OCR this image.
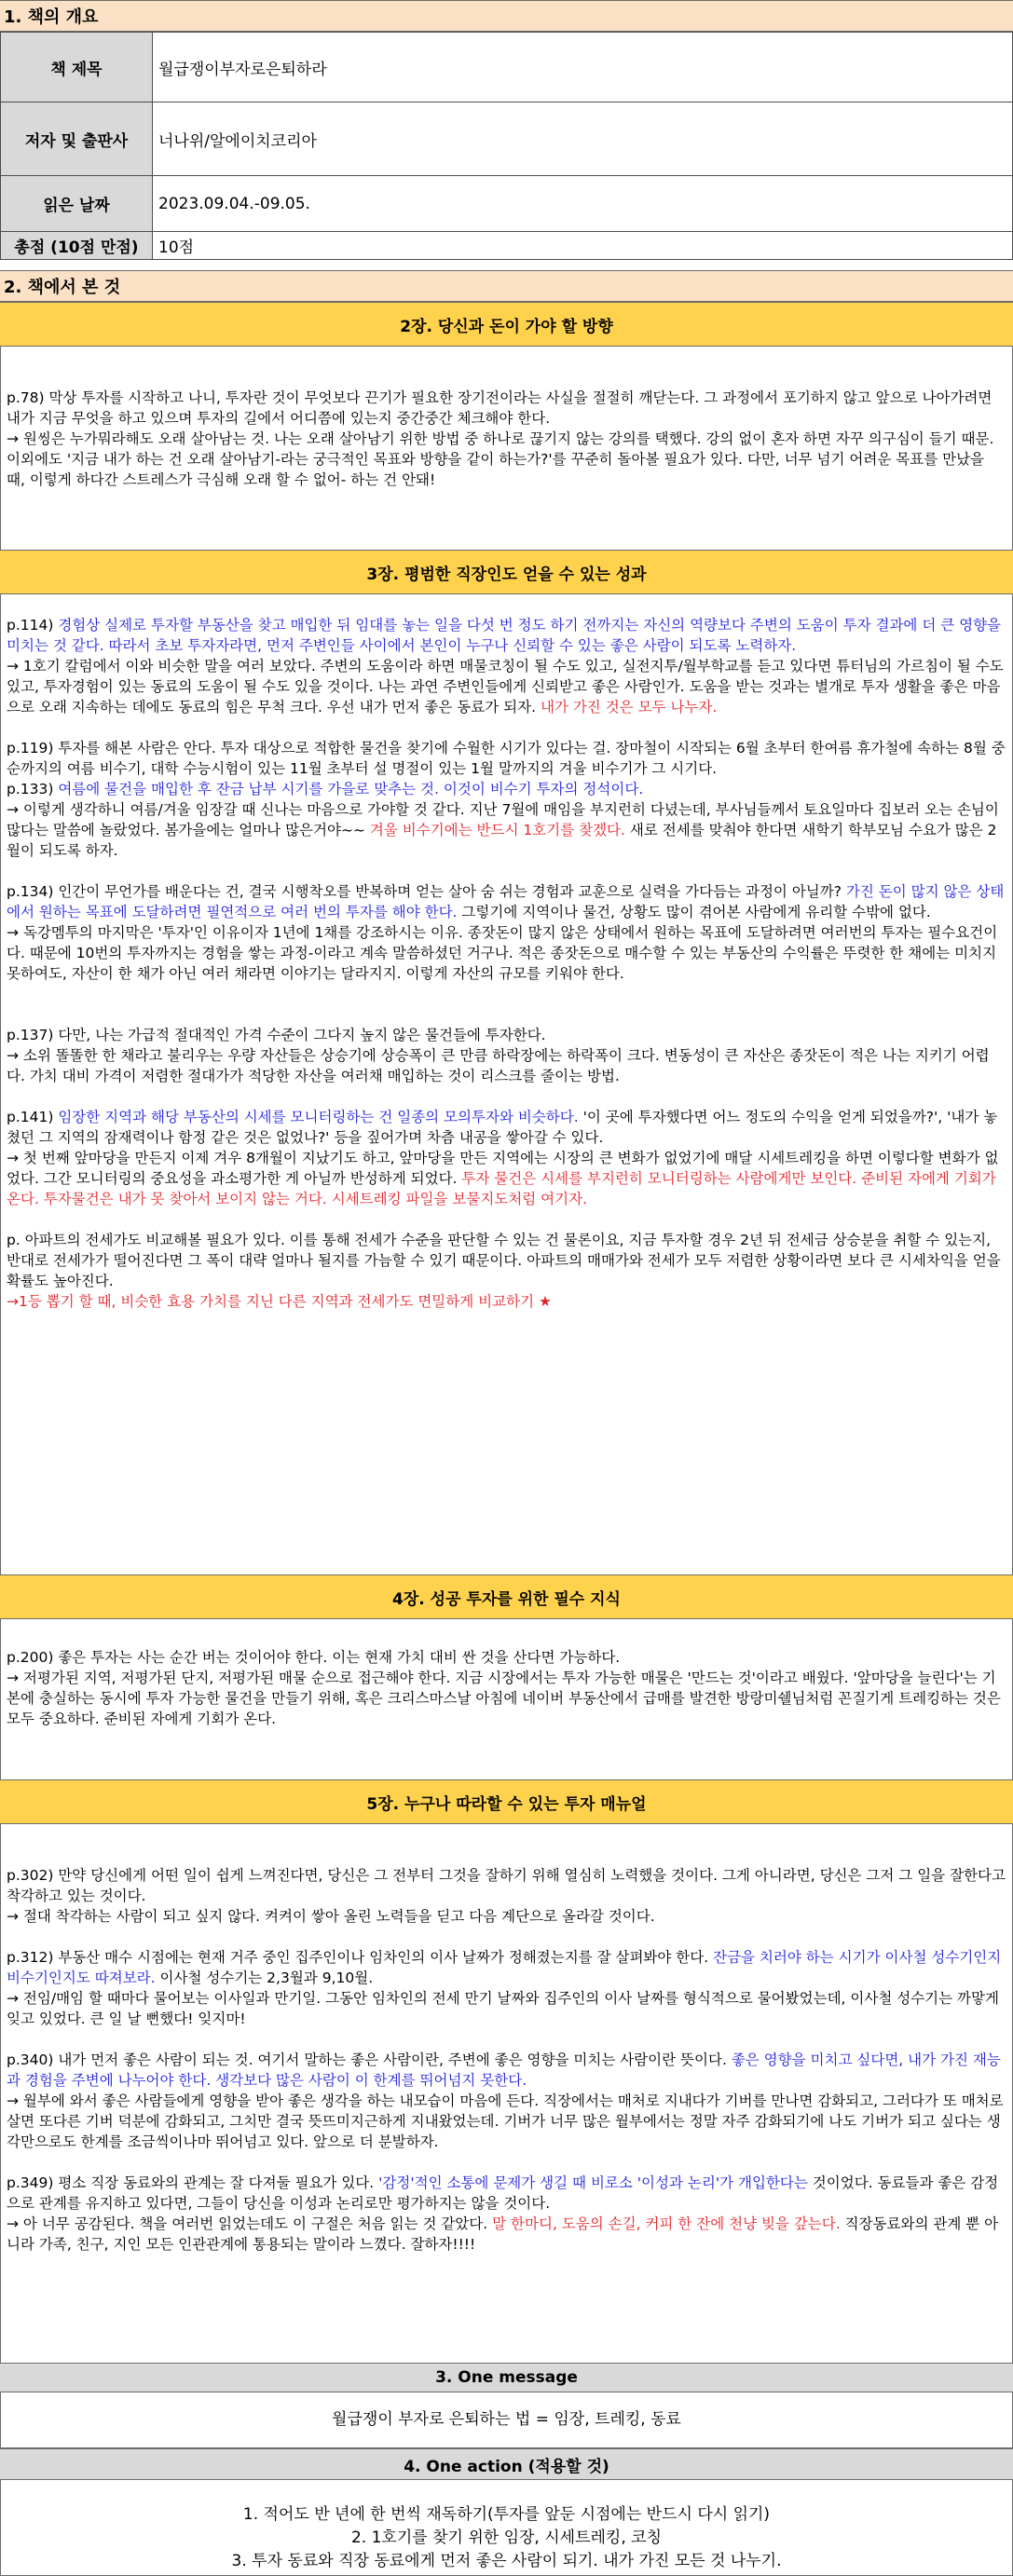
1. 책의 개요
책 제목	월급쟁이부자로은퇴하라
저자 및 출판사	너나위/알에이치코리아
읽은 날짜	2023.09.04.-09.05.
총점 (10점 만점)	10점
2. 책에서 본 것
2장. 당신과 돈이 가야 할 방향

p.78) 막상 투자를 시작하고 나니, 투자란 것이 무엇보다 끈기가 필요한 장기전이라는 사실을 절절히 깨닫는다. 그 과정에서 포기하지 않고 앞으로 나아가려면 내가 지금 무엇을 하고 있으며 투자의 길에서 어디쯤에 있는지 중간중간 체크해야 한다.

→ 원씽은 누가뭐라해도 오래 살아남는 것. 나는 오래 살아남기 위한 방법 중 하나로 끊기지 않는 강의를 택했다. 강의 없이 혼자 하면 자꾸 의구심이 들기 때문. 이외에도 '지금 내가 하는 건 오래 살아남기-라는 궁극적인 목표와 방향을 같이 하는가?'를 꾸준히 돌아볼 필요가 있다. 다만, 너무 넘기 어려운 목표를 만났을 때, 이렇게 하다간 스트레스가 극심해 오래 할 수 없어- 하는 건 안돼!

3장. 평범한 직장인도 얻을 수 있는 성과

p.114) 경험상 실제로 투자할 부동산을 찾고 매입한 뒤 임대를 놓는 일을 다섯 번 정도 하기 전까지는 자신의 역량보다 주변의 도움이 투자 결과에 더 큰 영향을 미치는 것 같다. 따라서 초보 투자자라면, 먼저 주변인들 사이에서 본인이 누구나 신뢰할 수 있는 좋은 사람이 되도록 노력하자.

→ 1호기 칼럼에서 이와 비슷한 말을 여러 보았다. 주변의 도움이라 하면 매물코칭이 될 수도 있고, 실전지투/월부학교를 듣고 있다면 튜터님의 가르침이 될 수도 있고, 투자경험이 있는 동료의 도움이 될 수도 있을 것이다. 나는 과연 주변인들에게 신뢰받고 좋은 사람인가. 도움을 받는 것과는 별개로 투자 생활을 좋은 마음으로 오래 지속하는 데에도 동료의 힘은 무척 크다. 우선 내가 먼저 좋은 동료가 되자. 내가 가진 것은 모두 나누자.

p.119) 투자를 해본 사람은 안다. 투자 대상으로 적합한 물건을 찾기에 수월한 시기가 있다는 걸. 장마철이 시작되는 6월 초부터 한여름 휴가철에 속하는 8월 중순까지의 여름 비수기, 대학 수능시험이 있는 11월 초부터 설 명절이 있는 1월 말까지의 겨울 비수기가 그 시기다.

p.133) 여름에 물건을 매입한 후 잔금 납부 시기를 가을로 맞추는 것. 이것이 비수기 투자의 정석이다.

→ 이렇게 생각하니 여름/겨울 임장갈 때 신나는 마음으로 가야할 것 같다. 지난 7월에 매임을 부지런히 다녔는데, 부사님들께서 토요일마다 집보러 오는 손님이 많다는 말씀에 놀랐었다. 봄가을에는 얼마나 많은거야~~ 겨울 비수기에는 반드시 1호기를 찾겠다. 새로 전세를 맞춰야 한다면 새학기 학부모님 수요가 많은 2월이 되도록 하자.

p.134) 인간이 무언가를 배운다는 건, 결국 시행착오를 반복하며 얻는 살아 숨 쉬는 경험과 교훈으로 실력을 가다듬는 과정이 아닐까? 가진 돈이 많지 않은 상태에서 원하는 목표에 도달하려면 필연적으로 여러 번의 투자를 해야 한다. 그렇기에 지역이나 물건, 상황도 많이 겪어본 사람에게 유리할 수밖에 없다.

→ 독강멤투의 마지막은 '투자'인 이유이자 1년에 1채를 강조하시는 이유. 종잣돈이 많지 않은 상태에서 원하는 목표에 도달하려면 여러번의 투자는 필수요건이다. 때문에 10번의 투자까지는 경험을 쌓는 과정-이라고 계속 말씀하셨던 거구나. 적은 종잣돈으로 매수할 수 있는 부동산의 수익률은 뚜렷한 한 채에는 미치지 못하여도, 자산이 한 채가 아닌 여러 채라면 이야기는 달라지지. 이렇게 자산의 규모를 키워야 한다.

p.137) 다만, 나는 가급적 절대적인 가격 수준이 그다지 높지 않은 물건들에 투자한다.

→ 소위 똘똘한 한 채라고 불리우는 우량 자산들은 상승기에 상승폭이 큰 만큼 하락장에는 하락폭이 크다. 변동성이 큰 자산은 종잣돈이 적은 나는 지키기 어렵다. 가치 대비 가격이 저렴한 절대가가 적당한 자산을 여러채 매입하는 것이 리스크를 줄이는 방법.

p.141) 임장한 지역과 해당 부동산의 시세를 모니터링하는 건 일종의 모의투자와 비슷하다. '이 곳에 투자했다면 어느 정도의 수익을 얻게 되었을까?', '내가 놓쳤던 그 지역의 잠재력이나 함정 같은 것은 없었나?' 등을 짚어가며 차츰 내공을 쌓아갈 수 있다.

→ 첫 번째 앞마당을 만든지 이제 겨우 8개월이 지났기도 하고, 앞마당을 만든 지역에는 시장의 큰 변화가 없었기에 매달 시세트레킹을 하면 이렇다할 변화가 없었다. 그간 모니터링의 중요성을 과소평가한 게 아닐까 반성하게 되었다. 투자 물건은 시세를 부지런히 모니터링하는 사람에게만 보인다. 준비된 자에게 기회가 온다. 투자물건은 내가 못 찾아서 보이지 않는 거다. 시세트레킹 파일을 보물지도처럼 여기자.

p. 아파트의 전세가도 비교해볼 필요가 있다. 이를 통해 전세가 수준을 판단할 수 있는 건 물론이요, 지금 투자할 경우 2년 뒤 전세금 상승분을 취할 수 있는지, 반대로 전세가가 떨어진다면 그 폭이 대략 얼마나 될지를 가늠할 수 있기 때문이다. 아파트의 매매가와 전세가 모두 저렴한 상황이라면 보다 큰 시세차익을 얻을 확률도 높아진다.

→1등 뽑기 할 때, 비슷한 효용 가치를 지닌 다른 지역과 전세가도 면밀하게 비교하기 ★

4장. 성공 투자를 위한 필수 지식

p.200) 좋은 투자는 사는 순간 버는 것이어야 한다. 이는 현재 가치 대비 싼 것을 산다면 가능하다.

→ 저평가된 지역, 저평가된 단지, 저평가된 매물 순으로 접근해야 한다. 지금 시장에서는 투자 가능한 매물은 '만드는 것'이라고 배웠다. '앞마당을 늘린다'는 기본에 충실하는 동시에 투자 가능한 물건을 만들기 위해, 혹은 크리스마스날 아침에 네이버 부동산에서 급매를 발견한 방랑미쉘님처럼 꼰질기게 트레킹하는 것은 모두 중요하다. 준비된 자에게 기회가 온다.

5장. 누구나 따라할 수 있는 투자 매뉴얼

p.302) 만약 당신에게 어떤 일이 쉽게 느껴진다면, 당신은 그 전부터 그것을 잘하기 위해 열심히 노력했을 것이다. 그게 아니라면, 당신은 그저 그 일을 잘한다고 착각하고 있는 것이다.

→ 절대 착각하는 사람이 되고 싶지 않다. 켜켜이 쌓아 올린 노력들을 딛고 다음 계단으로 올라갈 것이다.

p.312) 부동산 매수 시점에는 현재 거주 중인 집주인이나 임차인의 이사 날짜가 정해졌는지를 잘 살펴봐야 한다. 잔금을 치러야 하는 시기가 이사철 성수기인지 비수기인지도 따져보라. 이사철 성수기는 2,3월과 9,10월.

→ 전임/매임 할 때마다 물어보는 이사일과 만기일. 그동안 임차인의 전세 만기 날짜와 집주인의 이사 날짜를 형식적으로 물어봤었는데, 이사철 성수기는 까맣게 잊고 있었다. 큰 일 날 뻔했다! 잊지마!

p.340) 내가 먼저 좋은 사람이 되는 것. 여기서 말하는 좋은 사람이란, 주변에 좋은 영향을 미치는 사람이란 뜻이다. 좋은 영향을 미치고 싶다면, 내가 가진 재능과 경험을 주변에 나누어야 한다. 생각보다 많은 사람이 이 한계를 뛰어넘지 못한다.

→ 월부에 와서 좋은 사람들에게 영향을 받아 좋은 생각을 하는 내모습이 마음에 든다. 직장에서는 매처로 지내다가 기버를 만나면 감화되고, 그러다가 또 매처로 살면 또다른 기버 덕분에 감화되고, 그치만 결국 뜻뜨미지근하게 지내왔었는데. 기버가 너무 많은 월부에서는 정말 자주 감화되기에 나도 기버가 되고 싶다는 생각만으로도 한계를 조금씩이나마 뛰어넘고 있다. 앞으로 더 분발하자.

p.349) 평소 직장 동료와의 관계는 잘 다져둘 필요가 있다. '감정'적인 소통에 문제가 생길 때 비로소 '이성과 논리'가 개입한다는 것이었다. 동료들과 좋은 감정으로 관계를 유지하고 있다면, 그들이 당신을 이성과 논리로만 평가하지는 않을 것이다.

→ 아 너무 공감된다. 책을 여러번 읽었는데도 이 구절은 처음 읽는 것 같았다. 말 한마디, 도움의 손길, 커피 한 잔에 천냥 빚을 갚는다. 직장동료와의 관계 뿐 아니라 가족, 친구, 지인 모든 인관관계에 통용되는 말이라 느꼈다. 잘하자!!!!

3. One message
월급쟁이 부자로 은퇴하는 법 = 임장, 트레킹, 동료
4. One action (적용할 것)
1. 적어도 반 년에 한 번씩 재독하기(투자를 앞둔 시점에는 반드시 다시 읽기)
2. 1호기를 찾기 위한 임장, 시세트레킹, 코칭
3. 투자 동료와 직장 동료에게 먼저 좋은 사람이 되기. 내가 가진 모든 것 나누기.
